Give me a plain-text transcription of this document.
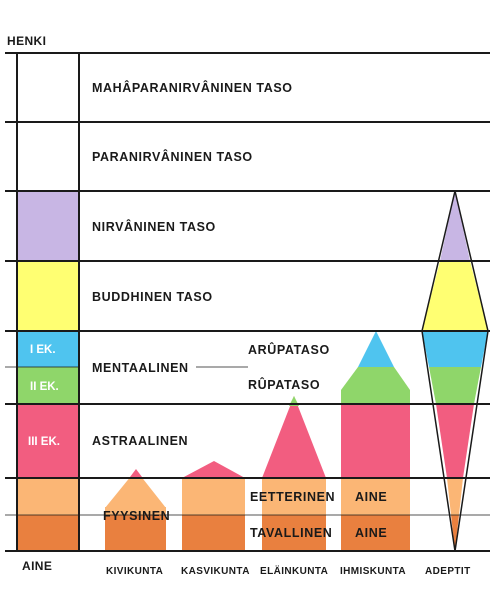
HENKI
AINE
MAHÂPARANIRVÂNINEN TASO
PARANIRVÂNINEN TASO
NIRVÂNINEN TASO
BUDDHINEN TASO
MENTAALINEN
ASTRAALINEN
FYYSINEN
ARÛPATASO
RÛPATASO
EETTERINEN AINE
TAVALLINEN AINE
I EK.
II EK.
III EK.
KIVIKUNTA KASVIKUNTA ELÄINKUNTA IHMISKUNTA ADEPTIT
